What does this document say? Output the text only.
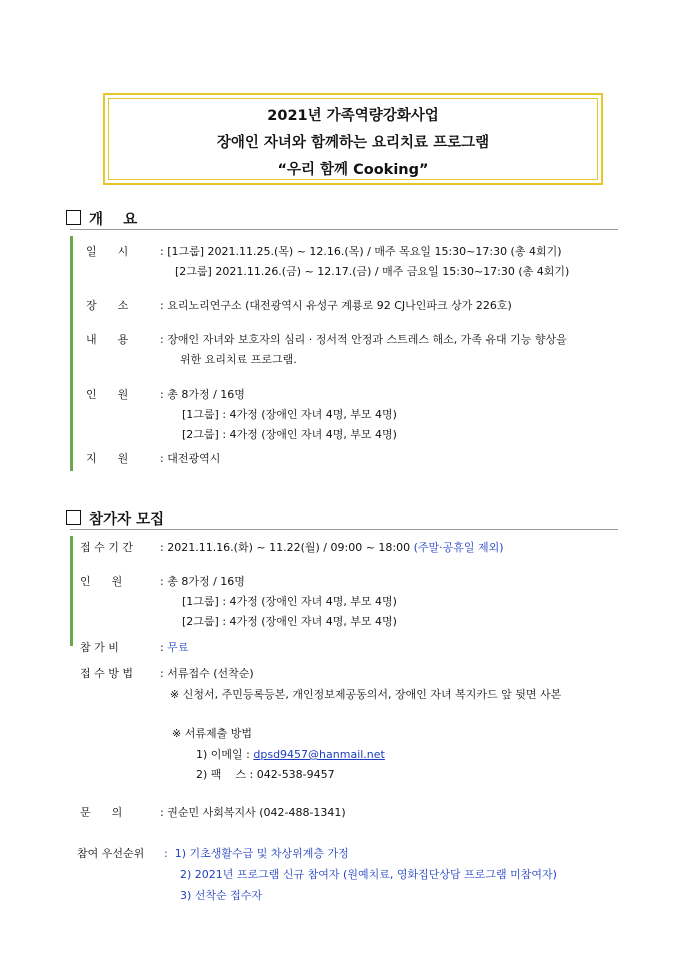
2021년 가족역량강화사업
장애인 자녀와 함께하는 요리치료 프로그램
“우리 함께 Cooking”
개    요
일      시	: [1그룹] 2021.11.25.(목) ~ 12.16.(목) / 매주 목요일 15:30~17:30 (총 4회기)
[2그룹] 2021.11.26.(금) ~ 12.17.(금) / 매주 금요일 15:30~17:30 (총 4회기)
장      소	: 요리노리연구소 (대전광역시 유성구 계룡로 92 CJ나인파크 상가 226호)
내      용	: 장애인 자녀와 보호자의 심리 · 정서적 안정과 스트레스 해소, 가족 유대 기능 향상을
위한 요리치료 프로그램.
인      원	: 총 8가정 / 16명
[1그룹] : 4가정 (장애인 자녀 4명, 부모 4명)
[2그룹] : 4가정 (장애인 자녀 4명, 부모 4명)
지      원	: 대전광역시
참가자 모집
접 수 기 간 : 2021.11.16.(화) ~ 11.22(월) / 09:00 ~ 18:00 (주말·공휴일 제외)
인      원	: 총 8가정 / 16명
[1그룹] : 4가정 (장애인 자녀 4명, 부모 4명)
[2그룹] : 4가정 (장애인 자녀 4명, 부모 4명)
참 가 비	: 무료
접 수 방 법 : 서류접수 (선착순)
※ 신청서, 주민등록등본, 개인정보제공동의서, 장애인 자녀 복지카드 앞 뒷면 사본
※ 서류제출 방법
1) 이메일 : dpsd9457@hanmail.net
2) 팩    스 : 042-538-9457
문      의	: 권순민 사회복지사 (042-488-1341)
참여 우선순위 :  1) 기초생활수급 및 차상위계층 가정
2) 2021년 프로그램 신규 참여자 (원예치료, 영화집단상담 프로그램 미참여자)
3) 선착순 접수자
